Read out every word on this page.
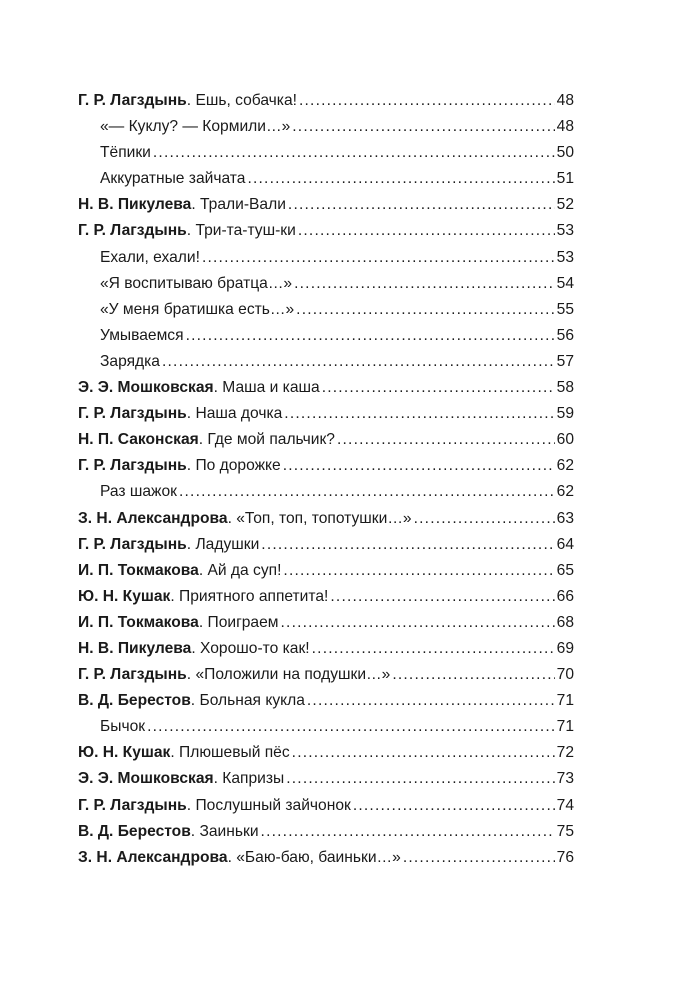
Г. Р. Лагздынь. Ешь, собачка! .....	48
«— Куклу? — Кормили…» .....	48
Тёпики .....	50
Аккуратные зайчата .....	51
Н. В. Пикулева. Трали-Вали .....	52
Г. Р. Лагздынь. Три-та-туш-ки .....	53
Ехали, ехали! .....	53
«Я воспитываю братца…» .....	54
«У меня братишка есть…» .....	55
Умываемся .....	56
Зарядка .....	57
Э. Э. Мошковская. Маша и каша .....	58
Г. Р. Лагздынь. Наша дочка .....	59
Н. П. Саконская. Где мой пальчик? .....	60
Г. Р. Лагздынь. По дорожке .....	62
Раз шажок .....	62
З. Н. Александрова. «Топ, топ, топотушки…» .....	63
Г. Р. Лагздынь. Ладушки .....	64
И. П. Токмакова. Ай да суп! .....	65
Ю. Н. Кушак. Приятного аппетита! .....	66
И. П. Токмакова. Поиграем .....	68
Н. В. Пикулева. Хорошо-то как! .....	69
Г. Р. Лагздынь. «Положили на подушки…» .....	70
В. Д. Берестов. Больная кукла .....	71
Бычок .....	71
Ю. Н. Кушак. Плюшевый пёс .....	72
Э. Э. Мошковская. Капризы .....	73
Г. Р. Лагздынь. Послушный зайчонок .....	74
В. Д. Берестов. Заиньки .....	75
З. Н. Александрова. «Баю-баю, баиньки…» .....	76
